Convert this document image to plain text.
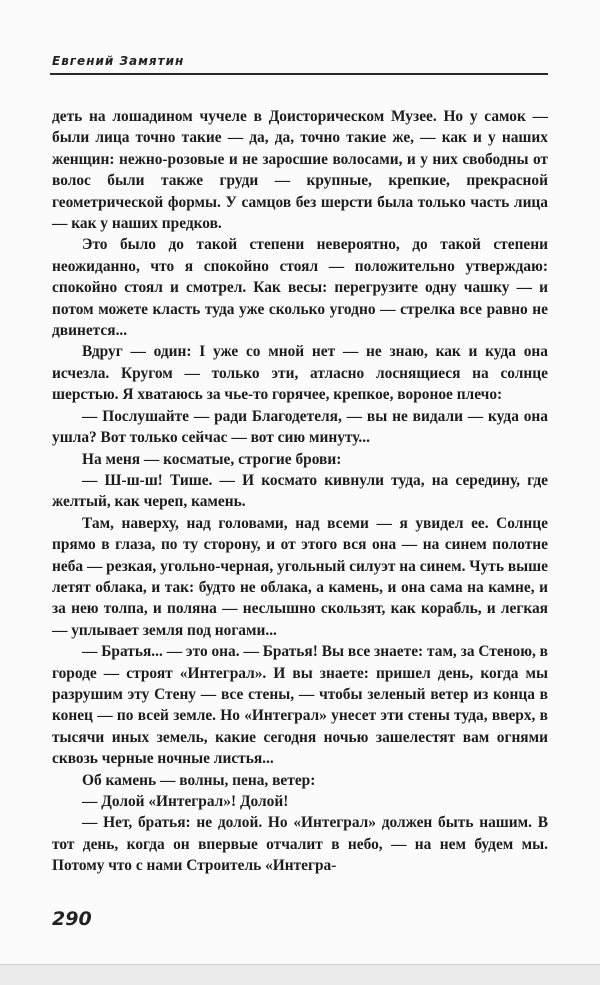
Евгений Замятин

деть на лошадином чучеле в Доисторическом Музее. Но у самок — были лица точно такие — да, да, точно такие же, — как и у наших женщин: нежно-розовые и не заросшие волосами, и у них свободны от волос были также груди — крупные, крепкие, прекрасной геометрической формы. У самцов без шерсти была только часть лица — как у наших предков.

Это было до такой степени невероятно, до такой степени неожиданно, что я спокойно стоял — положительно утверждаю: спокойно стоял и смотрел. Как весы: перегрузите одну чашку — и потом можете класть туда уже сколько угодно — стрелка все равно не двинется...

Вдруг — один: I уже со мной нет — не знаю, как и куда она исчезла. Кругом — только эти, атласно лоснящиеся на солнце шерстью. Я хватаюсь за чье-то горячее, крепкое, вороное плечо:

— Послушайте — ради Благодетеля, — вы не видали — куда она ушла? Вот только сейчас — вот сию минуту...

На меня — косматые, строгие брови:

— Ш-ш-ш! Тише. — И космато кивнули туда, на середину, где желтый, как череп, камень.

Там, наверху, над головами, над всеми — я увидел ее. Солнце прямо в глаза, по ту сторону, и от этого вся она — на синем полотне неба — резкая, угольно-черная, угольный силуэт на синем. Чуть выше летят облака, и так: будто не облака, а камень, и она сама на камне, и за нею толпа, и поляна — неслышно скользят, как корабль, и легкая — уплывает земля под ногами...

— Братья... — это она. — Братья! Вы все знаете: там, за Стеною, в городе — строят «Интеграл». И вы знаете: пришел день, когда мы разрушим эту Стену — все стены, — чтобы зеленый ветер из конца в конец — по всей земле. Но «Интеграл» унесет эти стены туда, вверх, в тысячи иных земель, какие сегодня ночью зашелестят вам огнями сквозь черные ночные листья...

Об камень — волны, пена, ветер:

— Долой «Интеграл»! Долой!

— Нет, братья: не долой. Но «Интеграл» должен быть нашим. В тот день, когда он впервые отчалит в небо, — на нем будем мы. Потому что с нами Строитель «Интегра-

290
